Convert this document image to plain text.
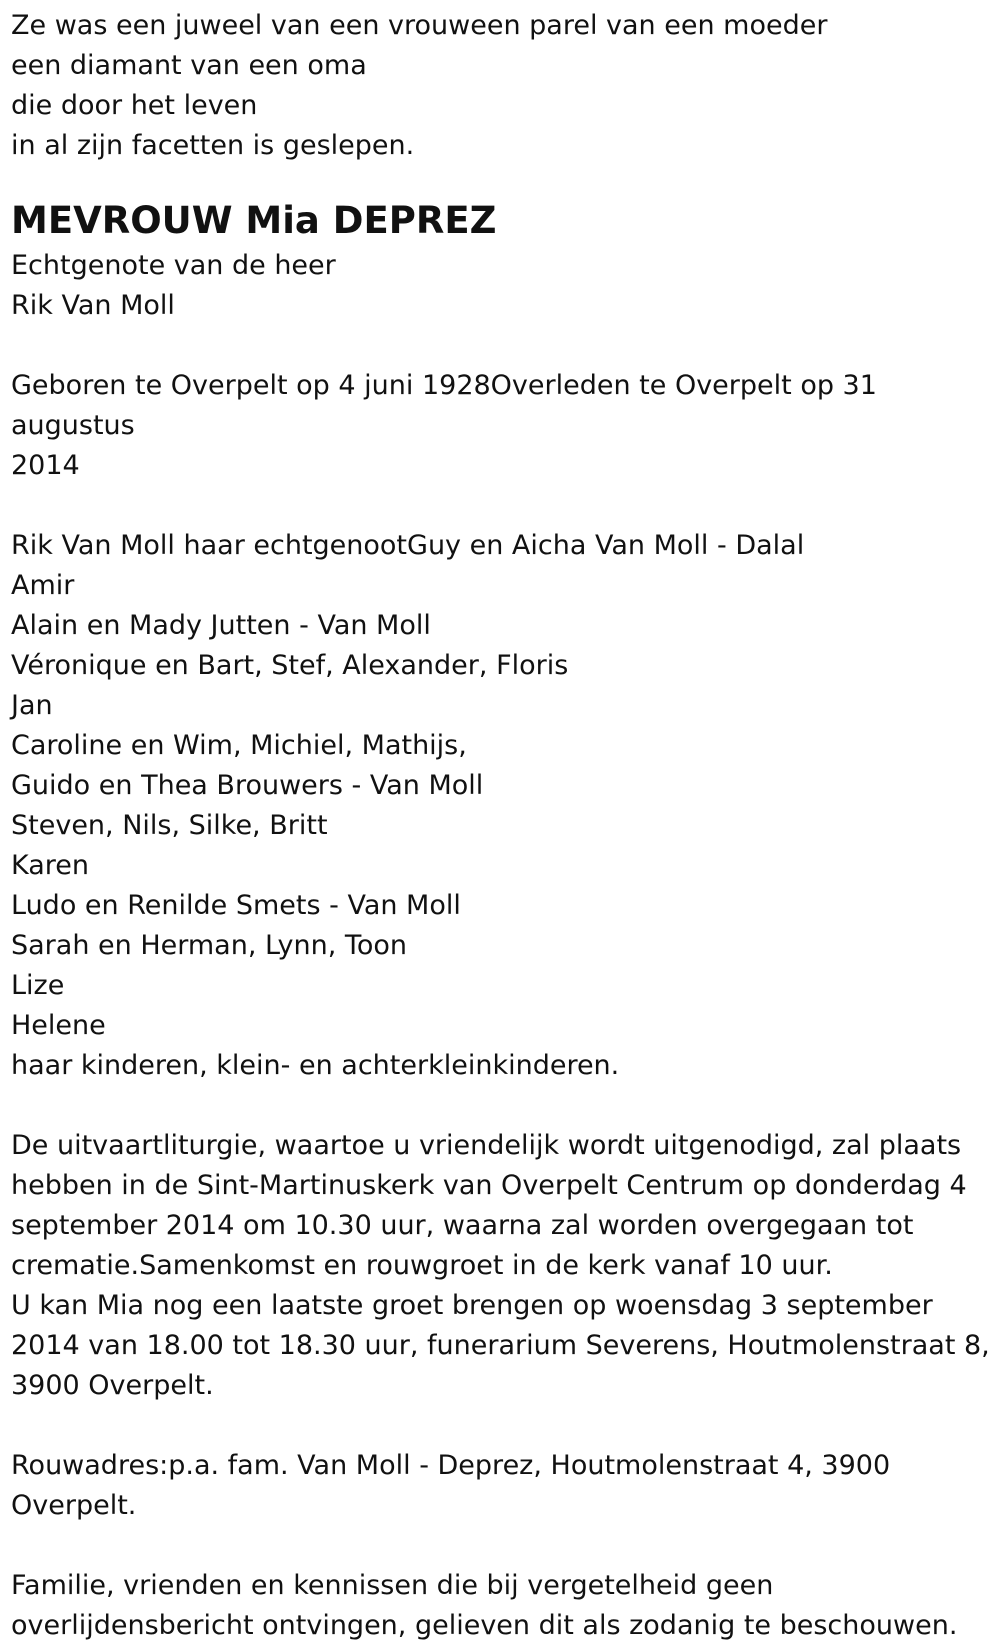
Ze was een juweel van een vrouween parel van een moeder

een diamant van een oma

die door het leven

in al zijn facetten is geslepen.

MEVROUW Mia DEPREZ

Echtgenote van de heer

Rik Van Moll

Geboren te Overpelt op 4 juni 1928Overleden te Overpelt op 31 augustus

2014

Rik Van Moll haar echtgenootGuy en Aicha Van Moll - Dalal

Amir

Alain en Mady Jutten - Van Moll

Véronique en Bart, Stef, Alexander, Floris

Jan

Caroline en Wim, Michiel, Mathijs,

Guido en Thea Brouwers - Van Moll

Steven, Nils, Silke, Britt

Karen

Ludo en Renilde Smets - Van Moll

Sarah en Herman, Lynn, Toon

Lize

Helene

haar kinderen, klein- en achterkleinkinderen.

De uitvaartliturgie, waartoe u vriendelijk wordt uitgenodigd, zal plaats

hebben in de Sint-Martinuskerk van Overpelt Centrum op donderdag 4

september 2014 om 10.30 uur, waarna zal worden overgegaan tot

crematie.Samenkomst en rouwgroet in de kerk vanaf 10 uur.

U kan Mia nog een laatste groet brengen op woensdag 3 september

2014 van 18.00 tot 18.30 uur, funerarium Severens, Houtmolenstraat 8,

3900 Overpelt.

Rouwadres:p.a. fam. Van Moll - Deprez, Houtmolenstraat 4, 3900

Overpelt.

Familie, vrienden en kennissen die bij vergetelheid geen

overlijdensbericht ontvingen, gelieven dit als zodanig te beschouwen.
